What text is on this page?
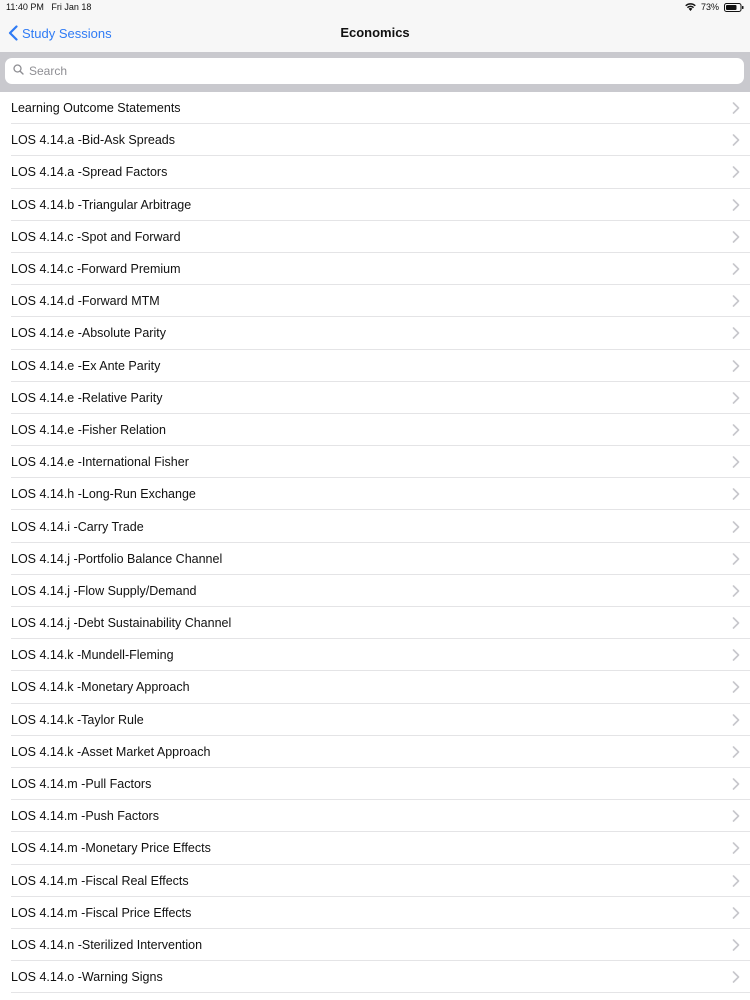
11:40 PM Fri Jan 18	73%
Study Sessions	Economics
Search
Learning Outcome Statements
LOS 4.14.a -Bid-Ask Spreads
LOS 4.14.a -Spread Factors
LOS 4.14.b -Triangular Arbitrage
LOS 4.14.c -Spot and Forward
LOS 4.14.c -Forward Premium
LOS 4.14.d -Forward MTM
LOS 4.14.e -Absolute Parity
LOS 4.14.e -Ex Ante Parity
LOS 4.14.e -Relative Parity
LOS 4.14.e -Fisher Relation
LOS 4.14.e -International Fisher
LOS 4.14.h -Long-Run Exchange
LOS 4.14.i -Carry Trade
LOS 4.14.j -Portfolio Balance Channel
LOS 4.14.j -Flow Supply/Demand
LOS 4.14.j -Debt Sustainability Channel
LOS 4.14.k -Mundell-Fleming
LOS 4.14.k -Monetary Approach
LOS 4.14.k -Taylor Rule
LOS 4.14.k -Asset Market Approach
LOS 4.14.m -Pull Factors
LOS 4.14.m -Push Factors
LOS 4.14.m -Monetary Price Effects
LOS 4.14.m -Fiscal Real Effects
LOS 4.14.m -Fiscal Price Effects
LOS 4.14.n -Sterilized Intervention
LOS 4.14.o -Warning Signs
